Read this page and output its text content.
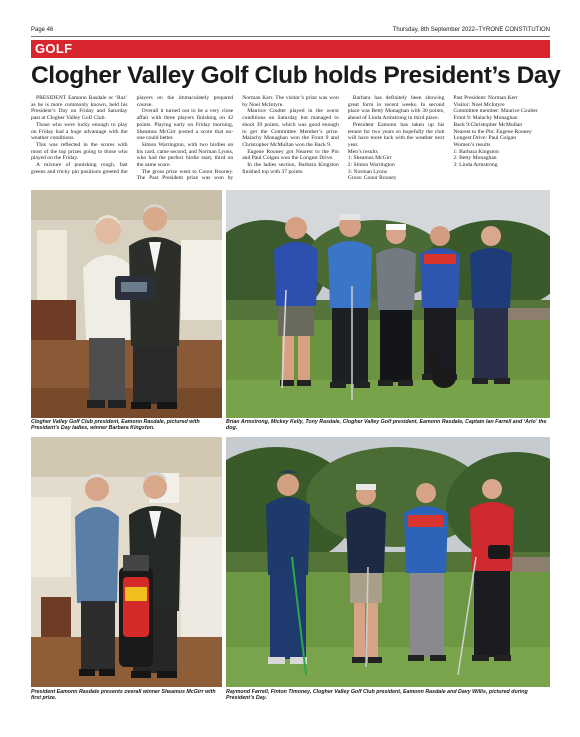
Page 46	Thursday, 8th September 2022–TYRONE CONSTITUTION
GOLF
Clogher Valley Golf Club holds President’s Day

PRESIDENT Eamonn Rasdale or ‘Raz’ as he is more commonly known, held his President’s Day on Friday and Saturday past at Clogher Valley Golf Club.

Those who were lucky enough to play on Friday had a huge advantage with the weather conditions.

This was reflected in the scores with most of the top prizes going to those who played on the Friday.

A mixture of punishing rough, fast greens and tricky pin positions greeted the players on the immaculately prepared course.

Overall it turned out to be a very close affair with three players finishing on 42 points. Playing early on Friday morning, Sheamus McGirr posted a score that no-one could better.

Simon Warrington, with two birdies on his card, came second, and Norman Lyons, who had the perfect birdie start, third on the same score.

The gross prize went to Conor Rooney. The Past President prize was won by Norman Kerr. The visitor’s prize was won by Noel McIntyre.

Maurice Coulter played in the worst conditions on Saturday but managed to shoot 39 points, which was good enough to get the Committee Member’s prize. Malachy Monaghan won the Front 9 and Christopher McMullan won the Back 9.

Eugene Rooney got Nearest to the Pin and Paul Colgan won the Longest Drive.

In the ladies section, Barbara Kingston finished top with 37 points.

Barbara has definitely been showing great form in recent weeks. In second place was Betty Monaghan with 30 points, ahead of Linda Armstrong in third place.

President Eamonn has taken up his tenure for two years so hopefully the club will have more luck with the weather next year.

Men’s results

1: Sheamus McGirr

2: Simon Warrington

3: Norman Lyons

Gross: Conor Rooney

Past President: Norman Kerr

Visitor: Noel McIntyre

Committee member: Maurice Coulter

Front 9: Malachy Monaghan

Back 9:Christopher McMullan

Nearest to the Pin: Eugene Rooney

Longest Drive: Paul Colgan

Women’s results

1: Barbara Kingston

2: Betty Monaghan

3: Linda Armstrong

Clogher Valley Golf Club president, Eamonn Rasdale, pictured with President’s Day ladies, winner Barbara Kingston.
Brian Armstrong, Mickey Kelly, Tony Rasdale, Clogher Valley Golf president, Eamonn Rasdale, Captain Ian Farrell and ‘Arlo’ the dog.
President Eamonn Rasdale presents overall winner Sheamus McGirr with first prize.
Raymond Farrell, Finton Timoney, Clogher Valley Golf Club president, Eamonn Rasdale and Davy Willis, pictured during President’s Day.
